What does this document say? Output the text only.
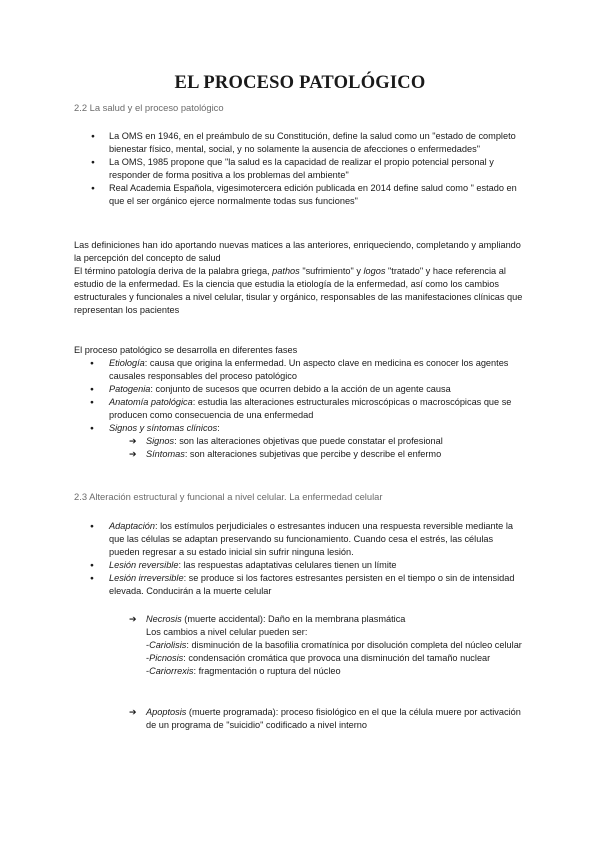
EL PROCESO PATOLÓGICO
2.2 La salud y el proceso patológico
● La OMS en 1946, en el preámbulo de su Constitución, define la salud como un "estado de completo bienestar físico, mental, social, y no solamente la ausencia de afecciones o enfermedades"
● La OMS, 1985 propone que "la salud es la capacidad de realizar el propio potencial personal y responder de forma positiva a los problemas del ambiente"
● Real Academia Española, vigesimotercera edición publicada en 2014 define salud como " estado en que el ser orgánico ejerce normalmente todas sus funciones"

Las definiciones han ido aportando nuevas matices a las anteriores, enriqueciendo, completando y ampliando la percepción del concepto de salud

El término patología deriva de la palabra griega, pathos "sufrimiento" y logos "tratado" y hace referencia al estudio de la enfermedad. Es la ciencia que estudia la etiología de la enfermedad, así como los cambios estructurales y funcionales a nivel celular, tisular y orgánico, responsables de las manifestaciones clínicas que representan los pacientes

El proceso patológico se desarrolla en diferentes fases

● Etiología: causa que origina la enfermedad. Un aspecto clave en medicina es conocer los agentes causales responsables del proceso patológico
● Patogenia: conjunto de sucesos que ocurren debido a la acción de un agente causa
● Anatomía patológica: estudia las alteraciones estructurales microscópicas o macroscópicas que se producen como consecuencia de una enfermedad
● Signos y síntomas clínicos:
➔ Signos: son las alteraciones objetivas que puede constatar el profesional
➔ Síntomas: son alteraciones subjetivas que percibe y describe el enfermo
2.3 Alteración estructural y funcional a nivel celular. La enfermedad celular
● Adaptación: los estímulos perjudiciales o estresantes inducen una respuesta reversible mediante la que las células se adaptan preservando su funcionamiento. Cuando cesa el estrés, las células pueden regresar a su estado inicial sin sufrir ninguna lesión.
● Lesión reversible: las respuestas adaptativas celulares tienen un límite
● Lesión irreversible: se produce si los factores estresantes persisten en el tiempo o sin de intensidad elevada. Conducirán a la muerte celular
➔ Necrosis (muerte accidental): Daño en la membrana plasmática

Los cambios a nivel celular pueden ser:

-Cariolisis: disminución de la basofilia cromatínica por disolución completa del núcleo celular

-Picnosis: condensación cromática que provoca una disminución del tamaño nuclear

-Cariorrexis: fragmentación o ruptura del núcleo

➔ Apoptosis (muerte programada): proceso fisiológico en el que la célula muere por activación de un programa de "suicidio" codificado a nivel interno
